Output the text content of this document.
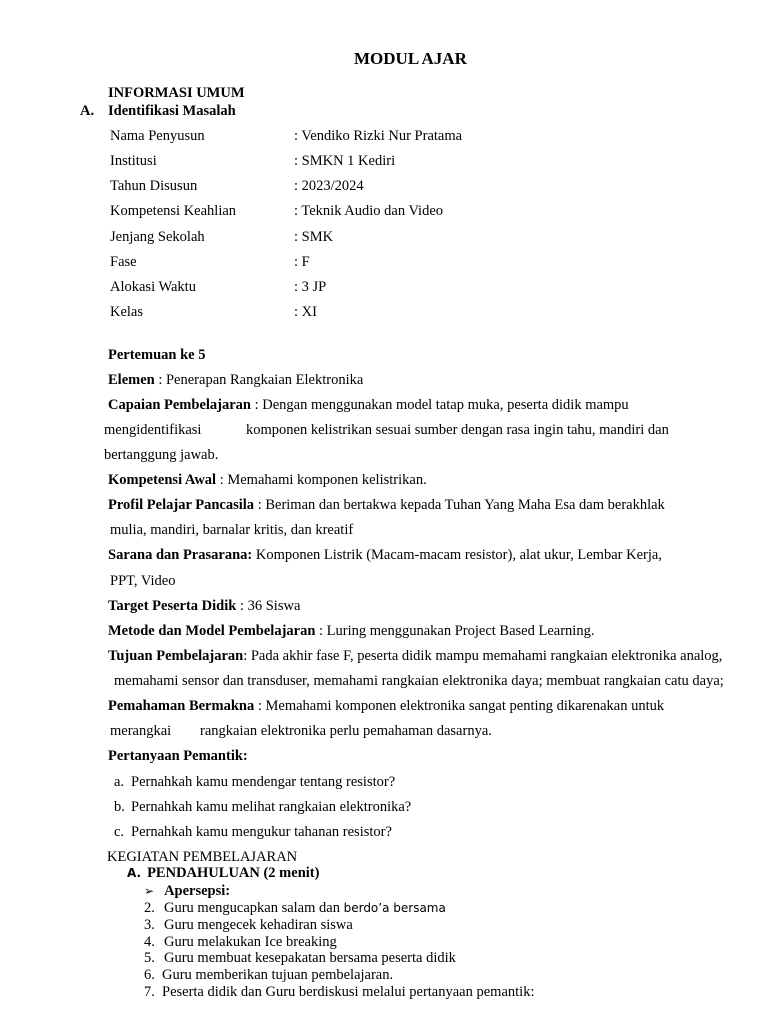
MODUL AJAR
INFORMASI UMUM
A. Identifikasi Masalah
Nama Penyusun	: Vendiko Rizki Nur Pratama
Institusi	: SMKN 1 Kediri
Tahun Disusun	: 2023/2024
Kompetensi Keahlian	: Teknik Audio dan Video
Jenjang Sekolah	: SMK
Fase	: F
Alokasi Waktu	: 3 JP
Kelas	: XI
Pertemuan ke 5
Elemen : Penerapan Rangkaian Elektronika
Capaian Pembelajaran : Dengan menggunakan model tatap muka, peserta didik mampu
mengidentifikasi	komponen kelistrikan sesuai sumber dengan rasa ingin tahu, mandiri dan
bertanggung jawab.
Kompetensi Awal : Memahami komponen kelistrikan.
Profil Pelajar Pancasila : Beriman dan bertakwa kepada Tuhan Yang Maha Esa dam berakhlak
mulia, mandiri, barnalar kritis, dan kreatif
Sarana dan Prasarana: Komponen Listrik (Macam-macam resistor), alat ukur, Lembar Kerja,
PPT, Video
Target Peserta Didik : 36 Siswa
Metode dan Model Pembelajaran : Luring menggunakan Project Based Learning.
Tujuan Pembelajaran: Pada akhir fase F, peserta didik mampu memahami rangkaian elektronika analog,
memahami sensor dan transduser, memahami rangkaian elektronika daya; membuat rangkaian catu daya;
Pemahaman Bermakna : Memahami komponen elektronika sangat penting dikarenakan untuk
merangkai rangkaian elektronika perlu pemahaman dasarnya.
Pertanyaan Pemantik:
a. Pernahkah kamu mendengar tentang resistor?
b. Pernahkah kamu melihat rangkaian elektronika?
c. Pernahkah kamu mengukur tahanan resistor?
KEGIATAN PEMBELAJARAN
A. PENDAHULUAN (2 menit)
➢ Apersepsi:
2. Guru mengucapkan salam dan berdo’a bersama
3. Guru mengecek kehadiran siswa
4. Guru melakukan Ice breaking
5. Guru membuat kesepakatan bersama peserta didik
6. Guru memberikan tujuan pembelajaran.
7. Peserta didik dan Guru berdiskusi melalui pertanyaan pemantik:
